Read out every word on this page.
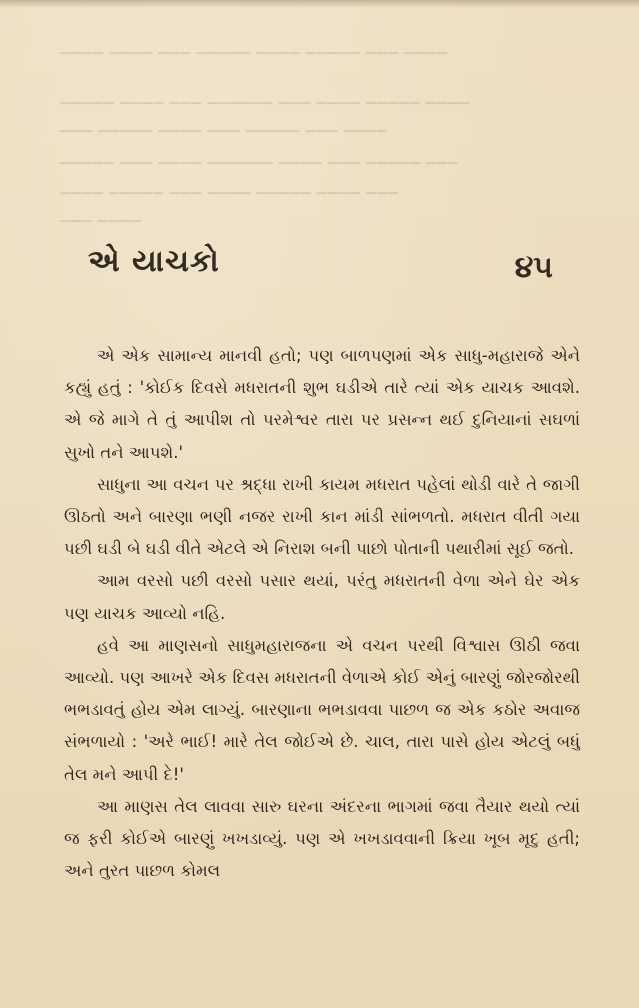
▁▁▁▁ ▁▁▁▁ ▁▁▁ ▁▁▁▁▁ ▁▁▁▁ ▁▁▁▁▁ ▁▁▁ ▁▁▁▁
▁▁▁▁▁ ▁▁▁▁ ▁▁▁ ▁▁▁▁▁▁ ▁▁▁ ▁▁▁▁ ▁▁▁▁▁ ▁▁▁▁
▁▁▁ ▁▁▁▁▁ ▁▁▁▁ ▁▁▁ ▁▁▁▁▁ ▁▁▁ ▁▁▁▁
▁▁▁▁▁ ▁▁▁ ▁▁▁▁ ▁▁▁▁▁▁ ▁▁▁▁ ▁▁▁ ▁▁▁▁▁ ▁▁▁
▁▁▁▁ ▁▁▁▁▁ ▁▁▁ ▁▁▁▁ ▁▁▁▁▁ ▁▁▁▁ ▁▁▁
▁▁▁ ▁▁▁▁
એ યાચકો	૪૫

એ એક સામાન્ય માનવી હતો; પણ બાળપણમાં એક સાધુ-મહારાજે એને કહ્યું હતું : 'કોઈક દિવસે મધરાતની શુભ ઘડીએ તારે ત્યાં એક યાચક આવશે. એ જે માગે તે તું આપીશ તો પરમેશ્વર તારા પર પ્રસન્ન થઈ દુનિયાનાં સઘળાં સુખો તને આપશે.'

સાધુના આ વચન પર શ્રદ્ધા રાખી કાયમ મધરાત પહેલાં થોડી વારે તે જાગી ઊઠતો અને બારણા ભણી નજર રાખી કાન માંડી સાંભળતો. મધરાત વીતી ગયા પછી ઘડી બે ઘડી વીતે એટલે એ નિરાશ બની પાછો પોતાની પથારીમાં સૂઈ જતો.

આમ વરસો પછી વરસો પસાર થયાં, પરંતુ મધરાતની વેળા એને ઘેર એક પણ યાચક આવ્યો નહિ.

હવે આ માણસનો સાધુમહારાજના એ વચન પરથી વિશ્વાસ ઊઠી જવા આવ્યો. પણ આખરે એક દિવસ મધરાતની વેળાએ કોઈ એનું બારણું જોરજોરથી ભભડાવતું હોય એમ લાગ્યું. બારણાના ભભડાવવા પાછળ જ એક કઠોર અવાજ સંભળાયો : 'અરે ભાઈ! મારે તેલ જોઈએ છે. ચાલ, તારા પાસે હોય એટલું બધું તેલ મને આપી દે!'

આ માણસ તેલ લાવવા સારુ ઘરના અંદરના ભાગમાં જવા તૈયાર થયો ત્યાં જ ફરી કોઈએ બારણું ખખડાવ્યું. પણ એ ખખડાવવાની ક્રિયા ખૂબ મૃદુ હતી; અને તુરત પાછળ કોમલ
